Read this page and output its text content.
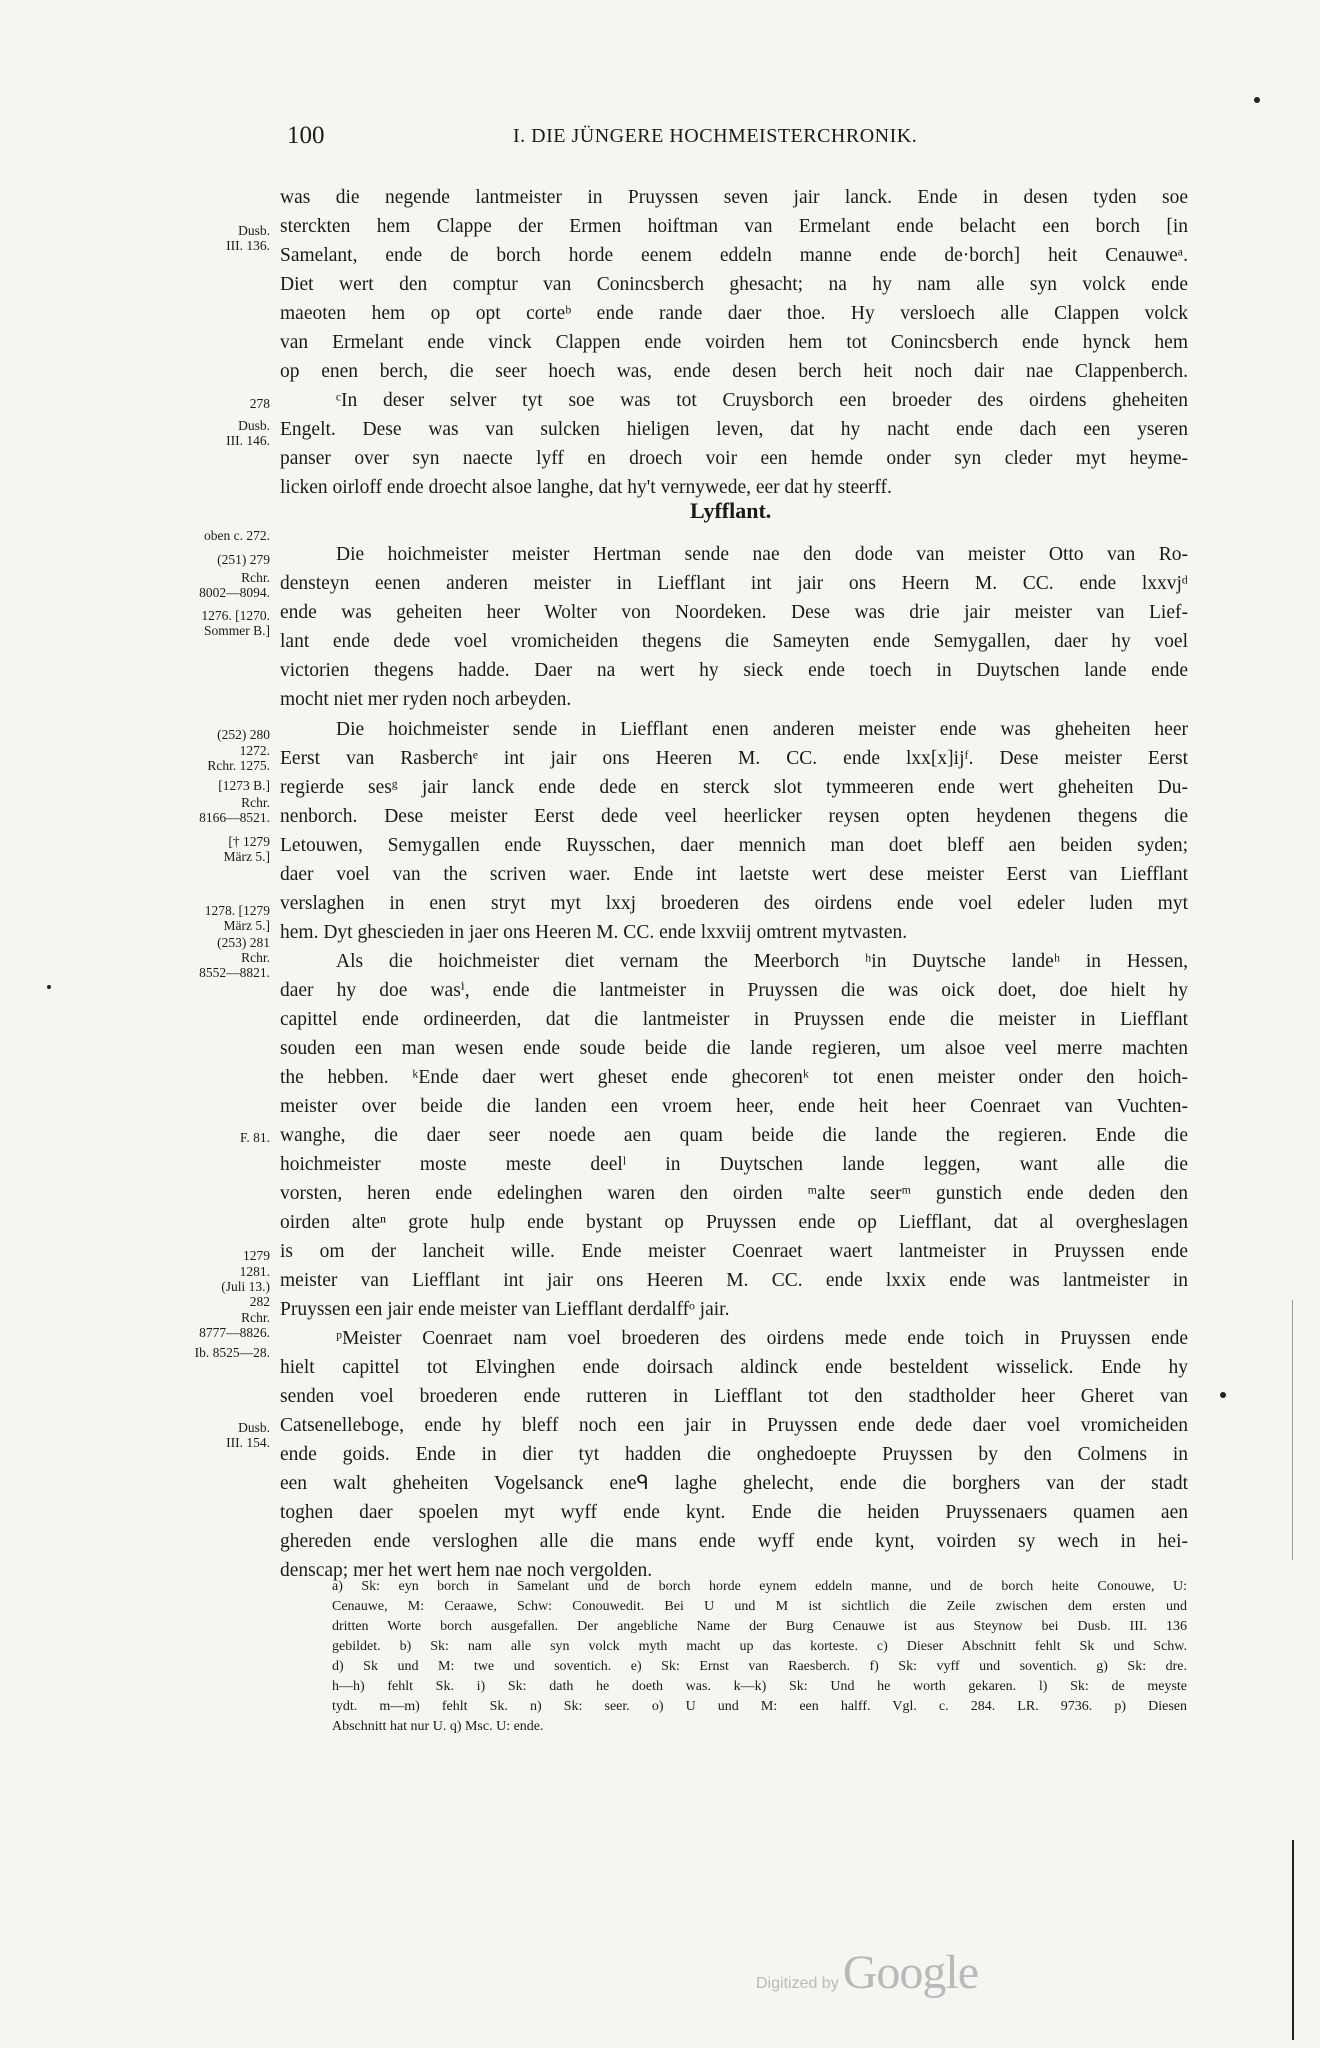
100	I. DIE JÜNGERE HOCHMEISTERCHRONIK.
was die negende lantmeister in Pruyssen seven jair lanck. Ende in desen tyden soe
sterckten hem Clappe der Ermen hoiftman van Ermelant ende belacht een borch [in
Samelant, ende de borch horde eenem eddeln manne ende de·borch] heit Cenauweᵃ.
Diet wert den comptur van Conincsberch ghesacht; na hy nam alle syn volck ende
maeoten hem op opt corteᵇ ende rande daer thoe. Hy versloech alle Clappen volck
van Ermelant ende vinck Clappen ende voirden hem tot Conincsberch ende hynck hem
op enen berch, die seer hoech was, ende desen berch heit noch dair nae Clappenberch.
ᶜIn deser selver tyt soe was tot Cruysborch een broeder des oirdens gheheiten
Engelt. Dese was van sulcken hieligen leven, dat hy nacht ende dach een yseren
panser over syn naecte lyff en droech voir een hemde onder syn cleder myt heyme-
licken oirloff ende droecht alsoe langhe, dat hy't vernywede, eer dat hy steerff.
Lyfflant.
Die hoichmeister meister Hertman sende nae den dode van meister Otto van Ro-
densteyn eenen anderen meister in Liefflant int jair ons Heern M. CC. ende lxxvjᵈ
ende was geheiten heer Wolter von Noordeken. Dese was drie jair meister van Lief-
lant ende dede voel vromicheiden thegens die Sameyten ende Semygallen, daer hy voel
victorien thegens hadde. Daer na wert hy sieck ende toech in Duytschen lande ende
mocht niet mer ryden noch arbeyden.
Die hoichmeister sende in Liefflant enen anderen meister ende was gheheiten heer
Eerst van Rasberchᵉ int jair ons Heeren M. CC. ende lxx[x]ijᶠ. Dese meister Eerst
regierde sesᵍ jair lanck ende dede en sterck slot tymmeeren ende wert gheheiten Du-
nenborch. Dese meister Eerst dede veel heerlicker reysen opten heydenen thegens die
Letouwen, Semygallen ende Ruysschen, daer mennich man doet bleff aen beiden syden;
daer voel van the scriven waer. Ende int laetste wert dese meister Eerst van Liefflant
verslaghen in enen stryt myt lxxj broederen des oirdens ende voel edeler luden myt
hem. Dyt ghescieden in jaer ons Heeren M. CC. ende lxxviij omtrent mytvasten.
Als die hoichmeister diet vernam the Meerborch ʰin Duytsche landeʰ in Hessen,
daer hy doe wasⁱ, ende die lantmeister in Pruyssen die was oick doet, doe hielt hy
capittel ende ordineerden, dat die lantmeister in Pruyssen ende die meister in Liefflant
souden een man wesen ende soude beide die lande regieren, um alsoe veel merre machten
the hebben. ᵏEnde daer wert gheset ende ghecorenᵏ tot enen meister onder den hoich-
meister over beide die landen een vroem heer, ende heit heer Coenraet van Vuchten-
wanghe, die daer seer noede aen quam beide die lande the regieren. Ende die
hoichmeister moste meste deelˡ in Duytschen lande leggen, want alle die
vorsten, heren ende edelinghen waren den oirden ᵐalte seerᵐ gunstich ende deden den
oirden alteⁿ grote hulp ende bystant op Pruyssen ende op Liefflant, dat al overgheslagen
is om der lancheit wille. Ende meister Coenraet waert lantmeister in Pruyssen ende
meister van Liefflant int jair ons Heeren M. CC. ende lxxix ende was lantmeister in
Pruyssen een jair ende meister van Liefflant derdalffᵒ jair.
ᵖMeister Coenraet nam voel broederen des oirdens mede ende toich in Pruyssen ende
hielt capittel tot Elvinghen ende doirsach aldinck ende besteldent wisselick. Ende hy
senden voel broederen ende rutteren in Liefflant tot den stadtholder heer Gheret van
Catsenelleboge, ende hy bleff noch een jair in Pruyssen ende dede daer voel vromicheiden
ende goids. Ende in dier tyt hadden die onghedoepte Pruyssen by den Colmens in
een walt gheheiten Vogelsanck eneᑫ laghe ghelecht, ende die borghers van der stadt
toghen daer spoelen myt wyff ende kynt. Ende die heiden Pruyssenaers quamen aen
ghereden ende versloghen alle die mans ende wyff ende kynt, voirden sy wech in hei-
denscap; mer het wert hem nae noch vergolden.
Dusb.
III. 136.
278
Dusb.
III. 146.
oben c. 272.
(251) 279
Rchr.
8002—8094.
1276. [1270.
Sommer B.]
(252) 280
1272.
Rchr. 1275.
[1273 B.]
Rchr.
8166—8521.
[† 1279
März 5.]
1278. [1279
März 5.]
(253) 281
Rchr.
8552—8821.
F. 81.
1279
1281.
(Juli 13.)
282
Rchr.
8777—8826.
Ib. 8525—28.
Dusb.
III. 154.
a) Sk: eyn borch in Samelant und de borch horde eynem eddeln manne, und de borch heite Conouwe, U:
Cenauwe, M: Ceraawe, Schw: Conouwedit. Bei U und M ist sichtlich die Zeile zwischen dem ersten und
dritten Worte borch ausgefallen. Der angebliche Name der Burg Cenauwe ist aus Steynow bei Dusb. III. 136
gebildet. b) Sk: nam alle syn volck myth macht up das korteste. c) Dieser Abschnitt fehlt Sk und Schw.
d) Sk und M: twe und soventich. e) Sk: Ernst van Raesberch. f) Sk: vyff und soventich. g) Sk: dre.
h—h) fehlt Sk. i) Sk: dath he doeth was. k—k) Sk: Und he worth gekaren. l) Sk: de meyste
tydt. m—m) fehlt Sk. n) Sk: seer. o) U und M: een halff. Vgl. c. 284. LR. 9736. p) Diesen
Abschnitt hat nur U. q) Msc. U: ende.
Digitized by Google
